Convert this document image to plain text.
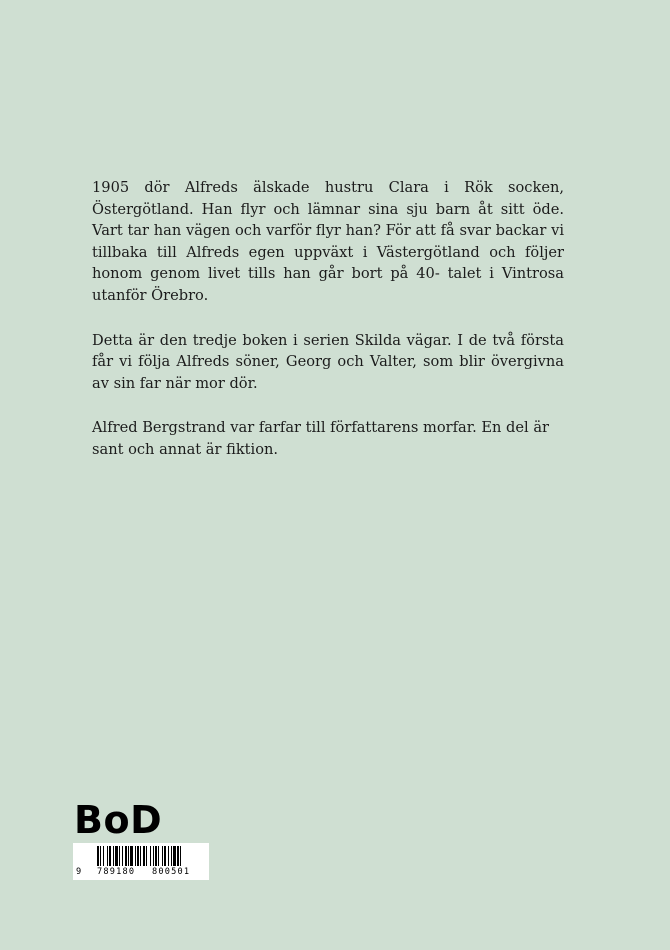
1905 dör Alfreds älskade hustru Clara i Rök socken, Östergötland. Han flyr och lämnar sina sju barn åt sitt öde. Vart tar han vägen och varför flyr han? För att få svar backar vi tillbaka till Alfreds egen uppväxt i Västergötland och följer honom genom livet tills han går bort på 40- talet i Vintrosa utanför Örebro.

Detta är den tredje boken i serien Skilda vägar. I de två första får vi följa Alfreds söner, Georg och Valter, som blir övergivna av sin far när mor dör.

Alfred Bergstrand var farfar till författarens morfar. En del är sant och annat är fiktion.

BoD
9	789180	800501
